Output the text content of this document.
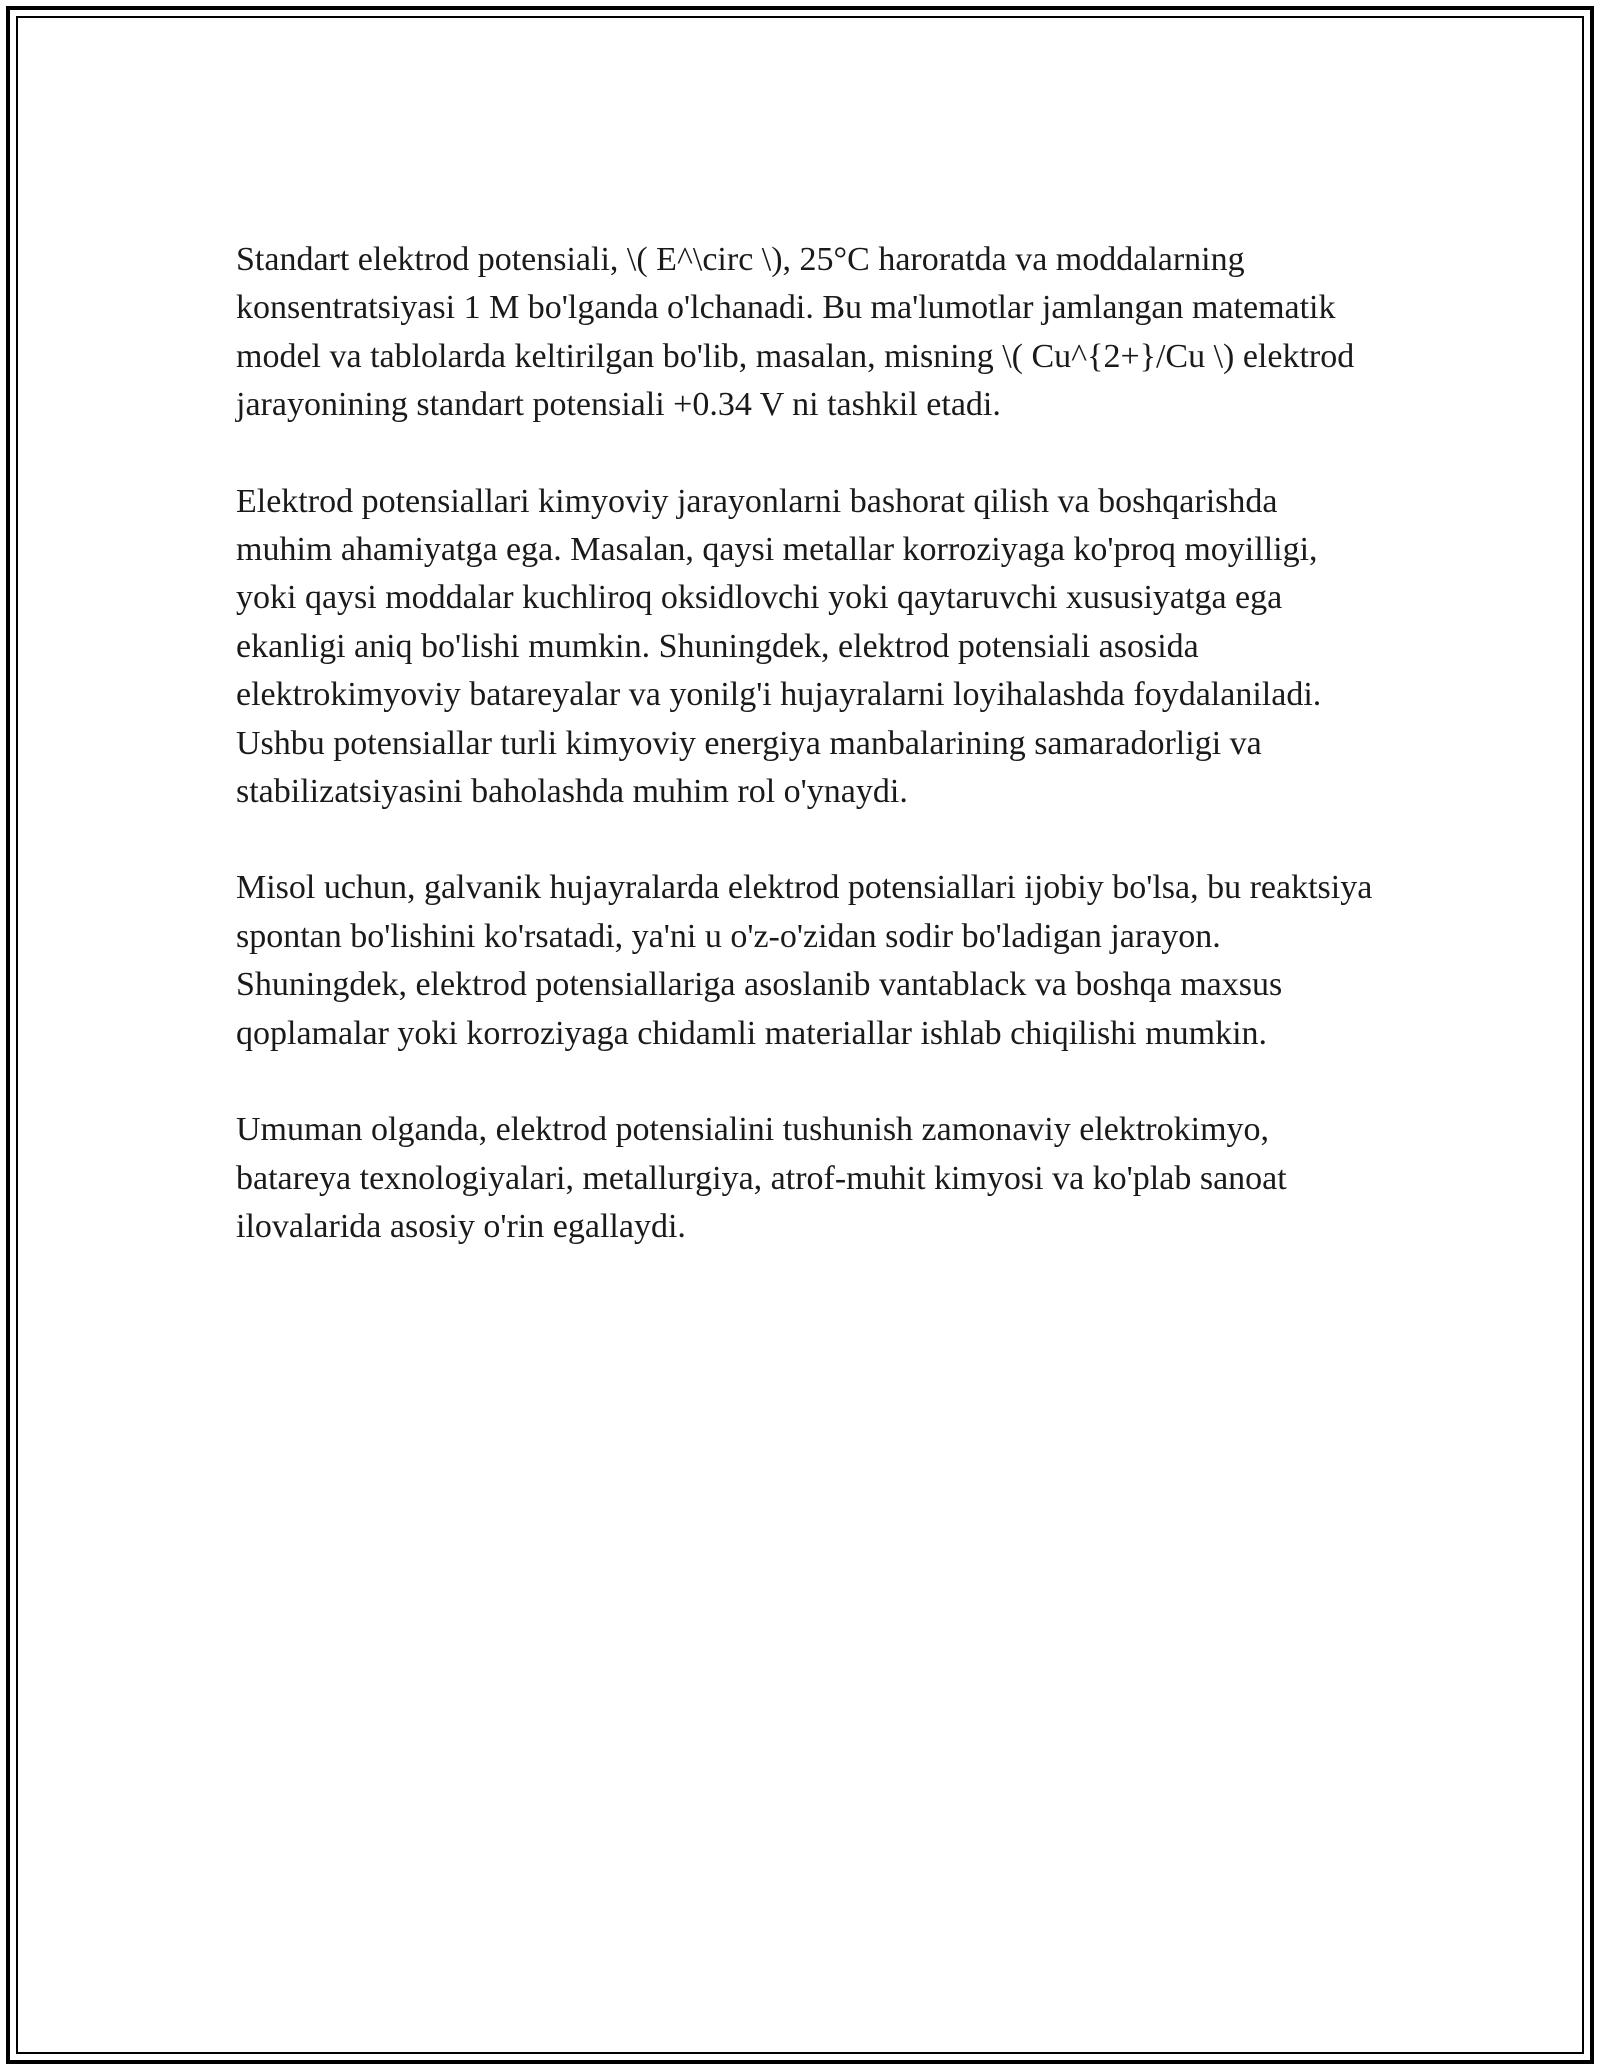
Standart elektrod potensiali, \( E^\circ \), 25°C haroratda va moddalarning konsentratsiyasi 1 M bo'lganda o'lchanadi. Bu ma'lumotlar jamlangan matematik model va tablolarda keltirilgan bo'lib, masalan, misning \( Cu^{2+}/Cu \) elektrod jarayonining standart potensiali +0.34 V ni tashkil etadi.

Elektrod potensiallari kimyoviy jarayonlarni bashorat qilish va boshqarishda muhim ahamiyatga ega. Masalan, qaysi metallar korroziyaga ko'proq moyilligi, yoki qaysi moddalar kuchliroq oksidlovchi yoki qaytaruvchi xususiyatga ega ekanligi aniq bo'lishi mumkin. Shuningdek, elektrod potensiali asosida elektrokimyoviy batareyalar va yonilg'i hujayralarni loyihalashda foydalaniladi. Ushbu potensiallar turli kimyoviy energiya manbalarining samaradorligi va stabilizatsiyasini baholashda muhim rol o'ynaydi.

Misol uchun, galvanik hujayralarda elektrod potensiallari ijobiy bo'lsa, bu reaktsiya spontan bo'lishini ko'rsatadi, ya'ni u o'z-o'zidan sodir bo'ladigan jarayon. Shuningdek, elektrod potensiallariga asoslanib vantablack va boshqa maxsus qoplamalar yoki korroziyaga chidamli materiallar ishlab chiqilishi mumkin.

Umuman olganda, elektrod potensialini tushunish zamonaviy elektrokimyo, batareya texnologiyalari, metallurgiya, atrof-muhit kimyosi va ko'plab sanoat ilovalarida asosiy o'rin egallaydi.
